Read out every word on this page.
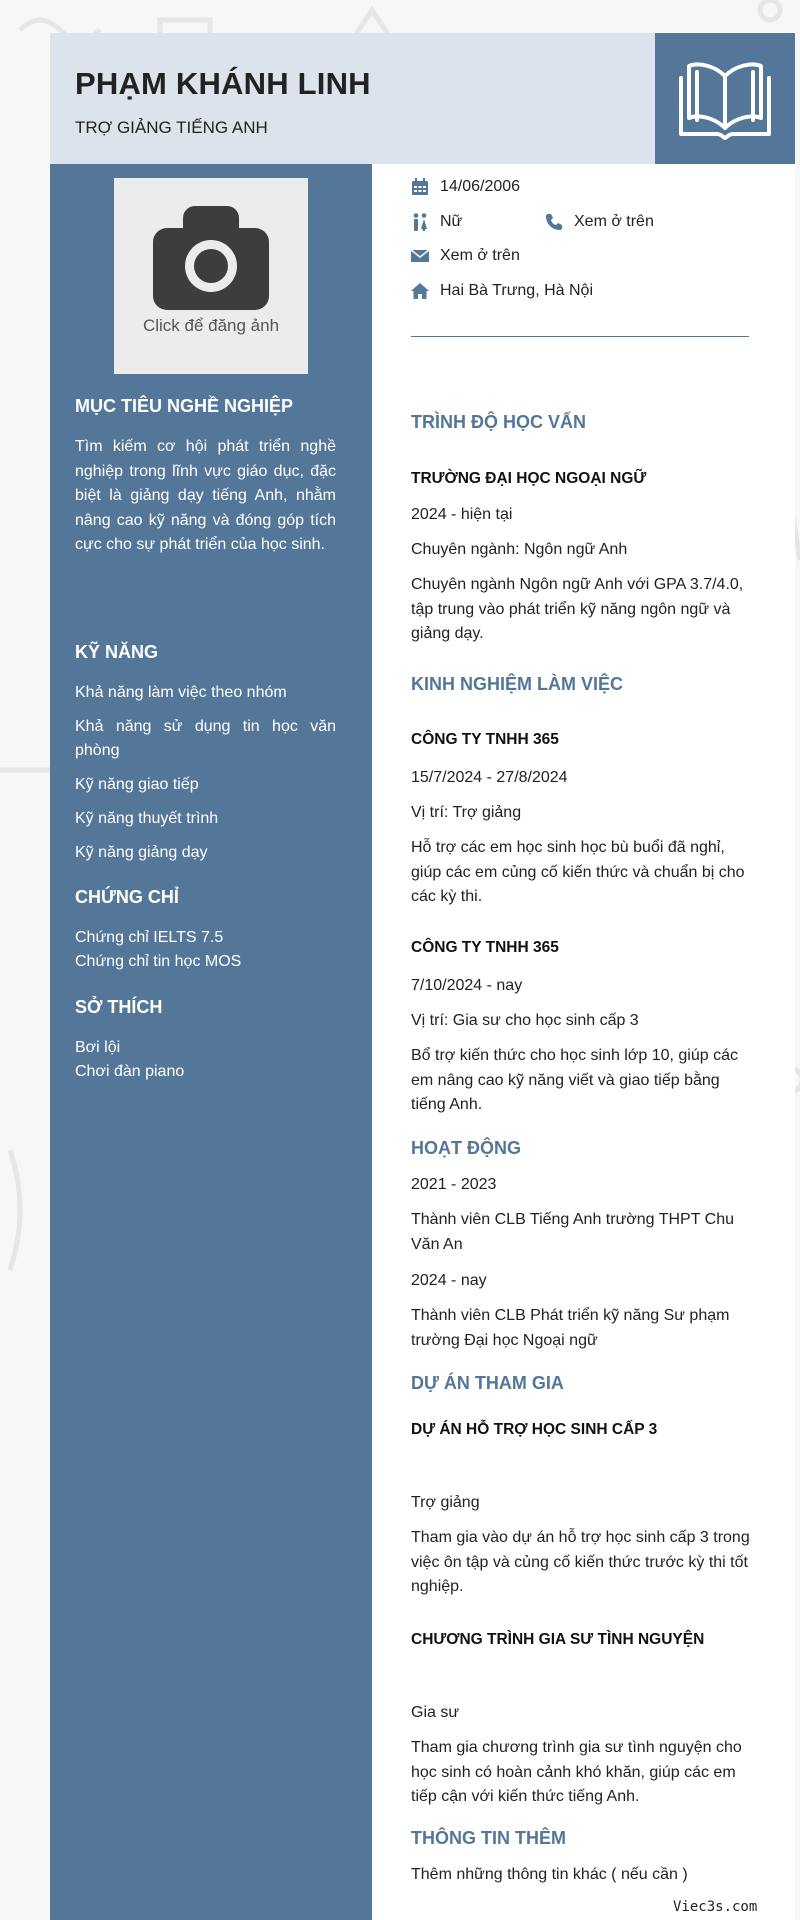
PHẠM KHÁNH LINH
TRỢ GIẢNG TIẾNG ANH
Click để đăng ảnh

MỤC TIÊU NGHỀ NGHIỆP

Tìm kiếm cơ hội phát triển nghề nghiệp trong lĩnh vực giáo dục, đặc biệt là giảng dạy tiếng Anh, nhằm nâng cao kỹ năng và đóng góp tích cực cho sự phát triển của học sinh.

KỸ NĂNG

Khả năng làm việc theo nhóm

Khả năng sử dụng tin học văn phòng

Kỹ năng giao tiếp

Kỹ năng thuyết trình

Kỹ năng giảng dạy

CHỨNG CHỈ

Chứng chỉ IELTS 7.5

Chứng chỉ tin học MOS

SỞ THÍCH

Bơi lội

Chơi đàn piano

14/06/2006
Nữ	Xem ở trên
Xem ở trên
Hai Bà Trưng, Hà Nội
TRÌNH ĐỘ HỌC VẤN
TRƯỜNG ĐẠI HỌC NGOẠI NGỮ
2024 - hiện tại
Chuyên ngành: Ngôn ngữ Anh
Chuyên ngành Ngôn ngữ Anh với GPA 3.7/4.0, tập trung vào phát triển kỹ năng ngôn ngữ và giảng dạy.
KINH NGHIỆM LÀM VIỆC
CÔNG TY TNHH 365
15/7/2024 - 27/8/2024
Vị trí: Trợ giảng
Hỗ trợ các em học sinh học bù buổi đã nghỉ, giúp các em củng cố kiến thức và chuẩn bị cho các kỳ thi.
CÔNG TY TNHH 365
7/10/2024 - nay
Vị trí: Gia sư cho học sinh cấp 3
Bổ trợ kiến thức cho học sinh lớp 10, giúp các em nâng cao kỹ năng viết và giao tiếp bằng tiếng Anh.
HOẠT ĐỘNG
2021 - 2023
Thành viên CLB Tiếng Anh trường THPT Chu Văn An
2024 - nay
Thành viên CLB Phát triển kỹ năng Sư phạm trường Đại học Ngoại ngữ
DỰ ÁN THAM GIA
DỰ ÁN HỖ TRỢ HỌC SINH CẤP 3
Trợ giảng
Tham gia vào dự án hỗ trợ học sinh cấp 3 trong việc ôn tập và củng cố kiến thức trước kỳ thi tốt nghiệp.
CHƯƠNG TRÌNH GIA SƯ TÌNH NGUYỆN
Gia sư
Tham gia chương trình gia sư tình nguyện cho học sinh có hoàn cảnh khó khăn, giúp các em tiếp cận với kiến thức tiếng Anh.
THÔNG TIN THÊM
Thêm những thông tin khác ( nếu cần )
Viec3s.com
